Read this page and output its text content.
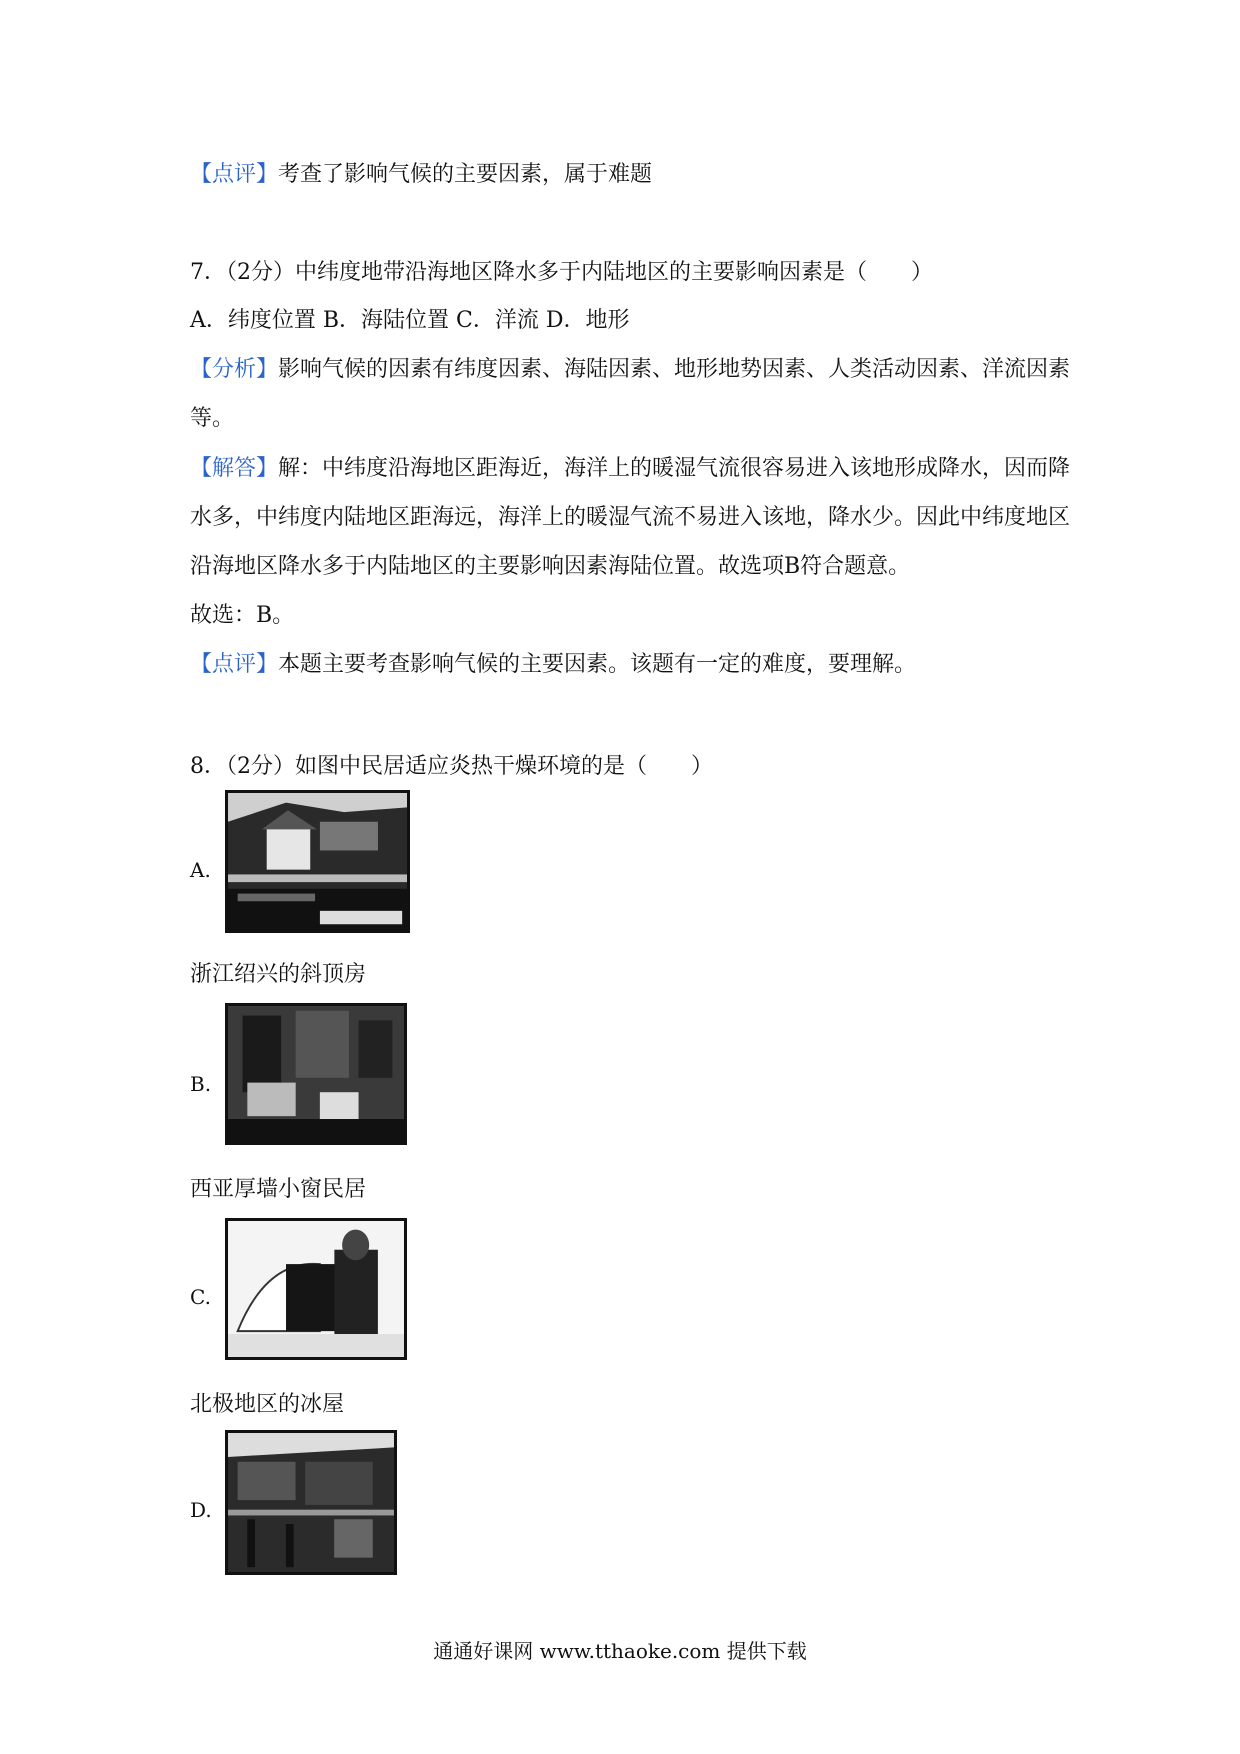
【点评】考查了影响气候的主要因素，属于难题
7．（2分）中纬度地带沿海地区降水多于内陆地区的主要影响因素是（　　）
A．纬度位置 B．海陆位置 C．洋流 D．地形
【分析】影响气候的因素有纬度因素、海陆因素、地形地势因素、人类活动因素、洋流因素
等。
【解答】解：中纬度沿海地区距海近，海洋上的暖湿气流很容易进入该地形成降水，因而降
水多，中纬度内陆地区距海远，海洋上的暖湿气流不易进入该地，降水少。因此中纬度地区
沿海地区降水多于内陆地区的主要影响因素海陆位置。故选项B符合题意。
故选：B。
【点评】本题主要考查影响气候的主要因素。该题有一定的难度，要理解。
8．（2分）如图中民居适应炎热干燥环境的是（　　）
A.
浙江绍兴的斜顶房
B.
西亚厚墙小窗民居
C.
北极地区的冰屋
D.
通通好课网 www.tthaoke.com 提供下载
